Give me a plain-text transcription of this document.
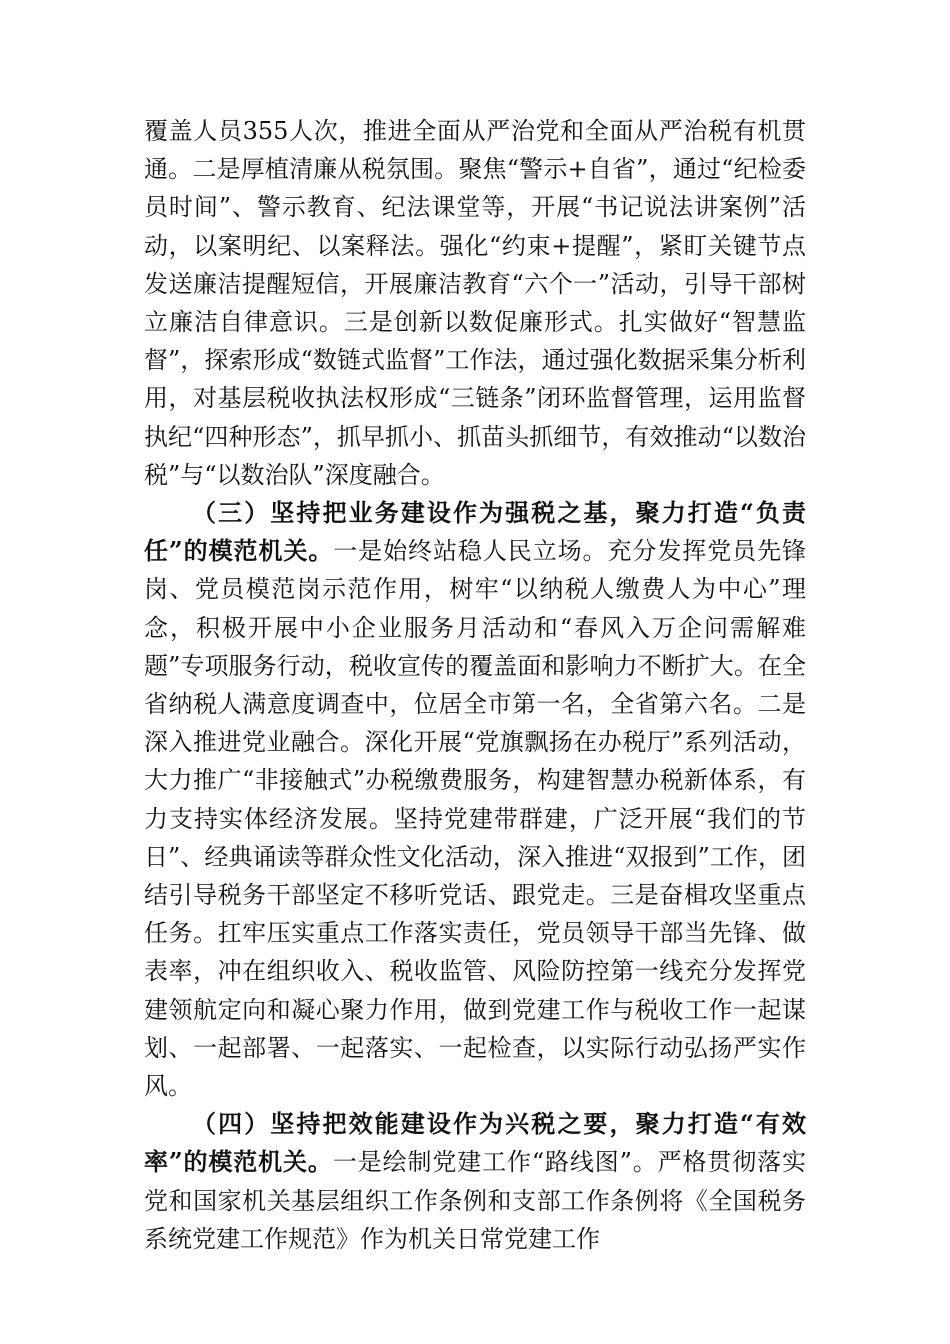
覆盖人员355人次，推进全面从严治党和全面从严治税有机贯通。二是厚植清廉从税氛围。聚焦“警示+自省”，通过“纪检委员时间”、警示教育、纪法课堂等，开展“书记说法讲案例”活动，以案明纪、以案释法。强化“约束+提醒”，紧盯关键节点发送廉洁提醒短信，开展廉洁教育“六个一”活动，引导干部树立廉洁自律意识。三是创新以数促廉形式。扎实做好“智慧监督”，探索形成“数链式监督”工作法，通过强化数据采集分析利用，对基层税收执法权形成“三链条”闭环监督管理，运用监督执纪“四种形态”，抓早抓小、抓苗头抓细节，有效推动“以数治税”与“以数治队”深度融合。

（三）坚持把业务建设作为强税之基，聚力打造“负责任”的模范机关。一是始终站稳人民立场。充分发挥党员先锋岗、党员模范岗示范作用，树牢“以纳税人缴费人为中心”理念，积极开展中小企业服务月活动和“春风入万企问需解难题”专项服务行动，税收宣传的覆盖面和影响力不断扩大。在全省纳税人满意度调查中，位居全市第一名，全省第六名。二是深入推进党业融合。深化开展“党旗飘扬在办税厅”系列活动，大力推广“非接触式”办税缴费服务，构建智慧办税新体系，有力支持实体经济发展。坚持党建带群建，广泛开展“我们的节日”、经典诵读等群众性文化活动，深入推进“双报到”工作，团结引导税务干部坚定不移听党话、跟党走。三是奋楫攻坚重点任务。扛牢压实重点工作落实责任，党员领导干部当先锋、做表率，冲在组织收入、税收监管、风险防控第一线充分发挥党建领航定向和凝心聚力作用，做到党建工作与税收工作一起谋划、一起部署、一起落实、一起检查，以实际行动弘扬严实作风。

（四）坚持把效能建设作为兴税之要，聚力打造“有效率”的模范机关。一是绘制党建工作“路线图”。严格贯彻落实党和国家机关基层组织工作条例和支部工作条例将《全国税务系统党建工作规范》作为机关日常党建工作
